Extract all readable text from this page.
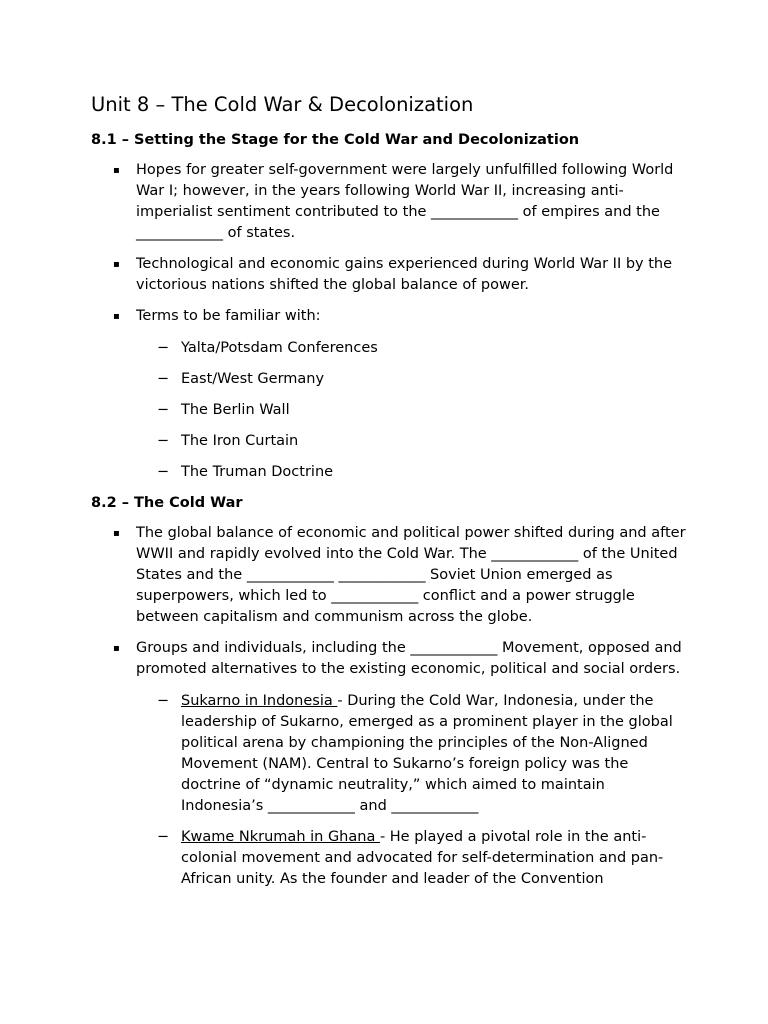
Unit 8 – The Cold War & Decolonization
8.1 – Setting the Stage for the Cold War and Decolonization
▪ Hopes for greater self-government were largely unfulfilled following World War I; however, in the years following World War II, increasing anti-imperialist sentiment contributed to the ____________ of empires and the ____________ of states.
▪ Technological and economic gains experienced during World War II by the victorious nations shifted the global balance of power.
▪ Terms to be familiar with:
− Yalta/Potsdam Conferences
− East/West Germany
− The Berlin Wall
− The Iron Curtain
− The Truman Doctrine
8.2 – The Cold War
▪ The global balance of economic and political power shifted during and after WWII and rapidly evolved into the Cold War. The ____________ of the United States and the ____________ ____________ Soviet Union emerged as superpowers, which led to ____________ conflict and a power struggle between capitalism and communism across the globe.
▪ Groups and individuals, including the ____________ Movement, opposed and promoted alternatives to the existing economic, political and social orders.
− Sukarno in Indonesia - During the Cold War, Indonesia, under the leadership of Sukarno, emerged as a prominent player in the global political arena by championing the principles of the Non-Aligned Movement (NAM). Central to Sukarno’s foreign policy was the doctrine of “dynamic neutrality,” which aimed to maintain Indonesia’s ____________ and ____________
− Kwame Nkrumah in Ghana - He played a pivotal role in the anti-colonial movement and advocated for self-determination and pan-African unity. As the founder and leader of the Convention
